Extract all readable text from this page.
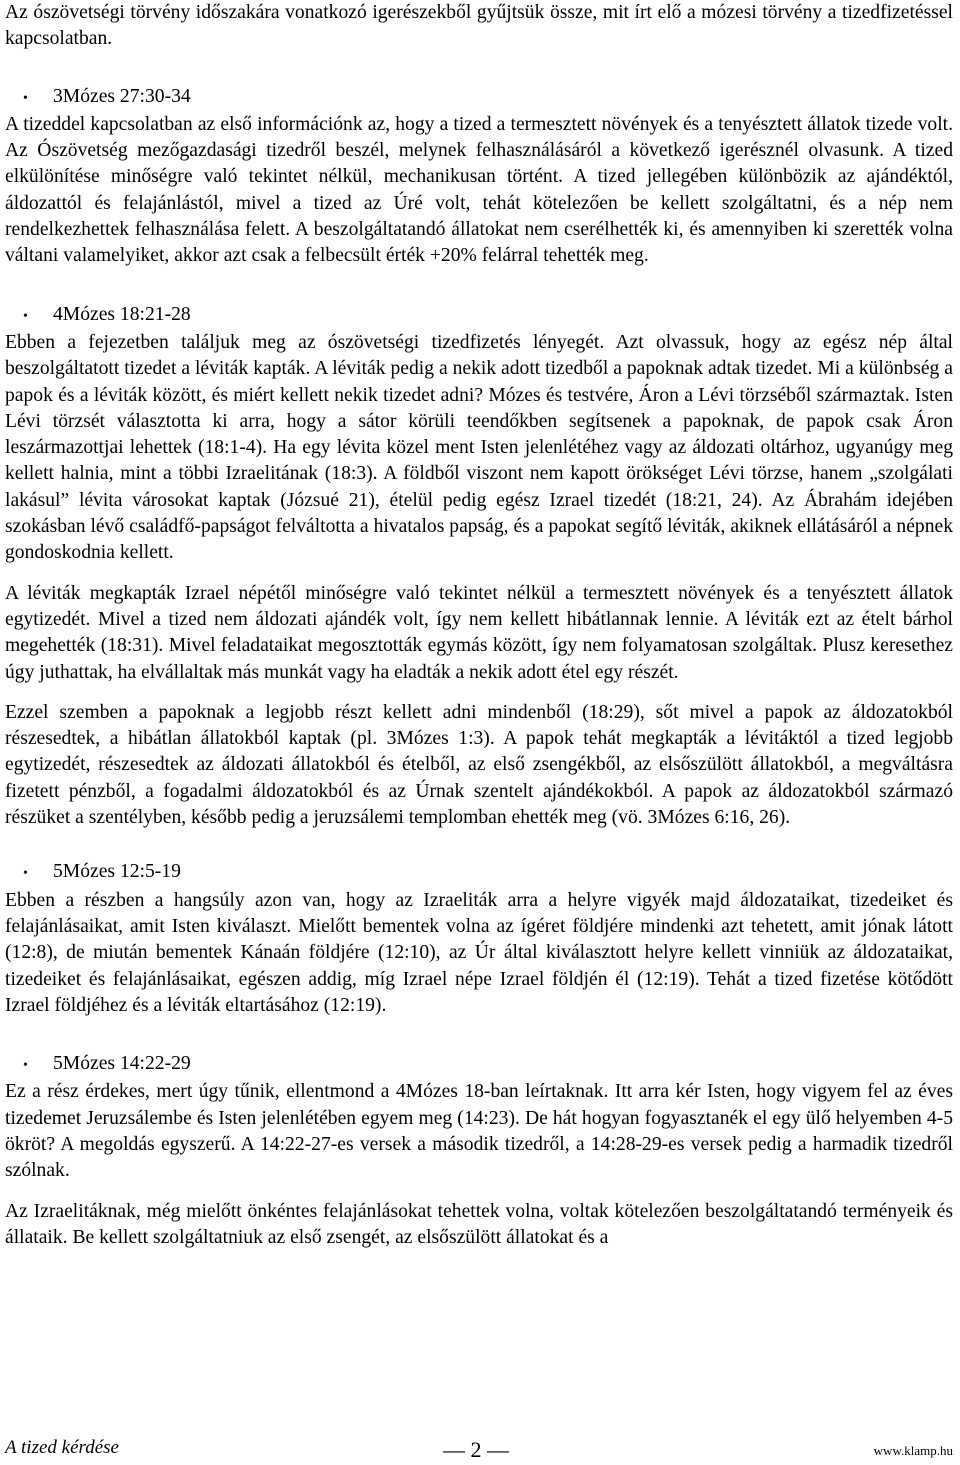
Az ószövetségi törvény időszakára vonatkozó igerészekből gyűjtsük össze, mit írt elő a mózesi törvény a tizedfizetéssel kapcsolatban.

•	3Mózes 27:30-34

A tizeddel kapcsolatban az első információnk az, hogy a tized a termesztett növények és a tenyésztett állatok tizede volt. Az Ószövetség mezőgazdasági tizedről beszél, melynek felhasználásáról a következő igerésznél olvasunk. A tized elkülönítése minőségre való tekintet nélkül, mechanikusan történt. A tized jellegében különbözik az ajándéktól, áldozattól és felajánlástól, mivel a tized az Úré volt, tehát kötelezően be kellett szolgáltatni, és a nép nem rendelkezhettek felhasználása felett. A beszolgáltatandó állatokat nem cserélhették ki, és amennyiben ki szerették volna váltani valamelyiket, akkor azt csak a felbecsült érték +20% felárral tehették meg.

•	4Mózes 18:21-28

Ebben a fejezetben találjuk meg az ószövetségi tizedfizetés lényegét. Azt olvassuk, hogy az egész nép által beszolgáltatott tizedet a léviták kapták. A léviták pedig a nekik adott tizedből a papoknak adtak tizedet. Mi a különbség a papok és a léviták között, és miért kellett nekik tizedet adni? Mózes és testvére, Áron a Lévi törzséből származtak. Isten Lévi törzsét választotta ki arra, hogy a sátor körüli teendőkben segítsenek a papoknak, de papok csak Áron leszármazottjai lehettek (18:1-4). Ha egy lévita közel ment Isten jelenlétéhez vagy az áldozati oltárhoz, ugyanúgy meg kellett halnia, mint a többi Izraelitának (18:3). A földből viszont nem kapott örökséget Lévi törzse, hanem „szolgálati lakásul” lévita városokat kaptak (Józsué 21), ételül pedig egész Izrael tizedét (18:21, 24). Az Ábrahám idejében szokásban lévő családfő-papságot felváltotta a hivatalos papság, és a papokat segítő léviták, akiknek ellátásáról a népnek gondoskodnia kellett.

A léviták megkapták Izrael népétől minőségre való tekintet nélkül a termesztett növények és a tenyésztett állatok egytizedét. Mivel a tized nem áldozati ajándék volt, így nem kellett hibátlannak lennie. A léviták ezt az ételt bárhol megehették (18:31). Mivel feladataikat megosztották egymás között, így nem folyamatosan szolgáltak. Plusz keresethez úgy juthattak, ha elvállaltak más munkát vagy ha eladták a nekik adott étel egy részét.

Ezzel szemben a papoknak a legjobb részt kellett adni mindenből (18:29), sőt mivel a papok az áldozatokból részesedtek, a hibátlan állatokból kaptak (pl. 3Mózes 1:3). A papok tehát megkapták a lévitáktól a tized legjobb egytizedét, részesedtek az áldozati állatokból és ételből, az első zsengékből, az elsőszülött állatokból, a megváltásra fizetett pénzből, a fogadalmi áldozatokból és az Úrnak szentelt ajándékokból. A papok az áldozatokból származó részüket a szentélyben, később pedig a jeruzsálemi templomban ehették meg (vö. 3Mózes 6:16, 26).

•	5Mózes 12:5-19

Ebben a részben a hangsúly azon van, hogy az Izraeliták arra a helyre vigyék majd áldozataikat, tizedeiket és felajánlásaikat, amit Isten kiválaszt. Mielőtt bementek volna az ígéret földjére mindenki azt tehetett, amit jónak látott (12:8), de miután bementek Kánaán földjére (12:10), az Úr által kiválasztott helyre kellett vinniük az áldozataikat, tizedeiket és felajánlásaikat, egészen addig, míg Izrael népe Izrael földjén él (12:19). Tehát a tized fizetése kötődött Izrael földjéhez és a léviták eltartásához (12:19).

•	5Mózes 14:22-29

Ez a rész érdekes, mert úgy tűnik, ellentmond a 4Mózes 18-ban leírtaknak. Itt arra kér Isten, hogy vigyem fel az éves tizedemet Jeruzsálembe és Isten jelenlétében egyem meg (14:23). De hát hogyan fogyasztanék el egy ülő helyemben 4-5 ökröt? A megoldás egyszerű. A 14:22-27-es versek a második tizedről, a 14:28-29-es versek pedig a harmadik tizedről szólnak.

Az Izraelitáknak, még mielőtt önkéntes felajánlásokat tehettek volna, voltak kötelezően beszolgáltatandó terményeik és állataik. Be kellett szolgáltatniuk az első zsengét, az elsőszülött állatokat és a

A tized kérdése	— 2 —	www.klamp.hu
